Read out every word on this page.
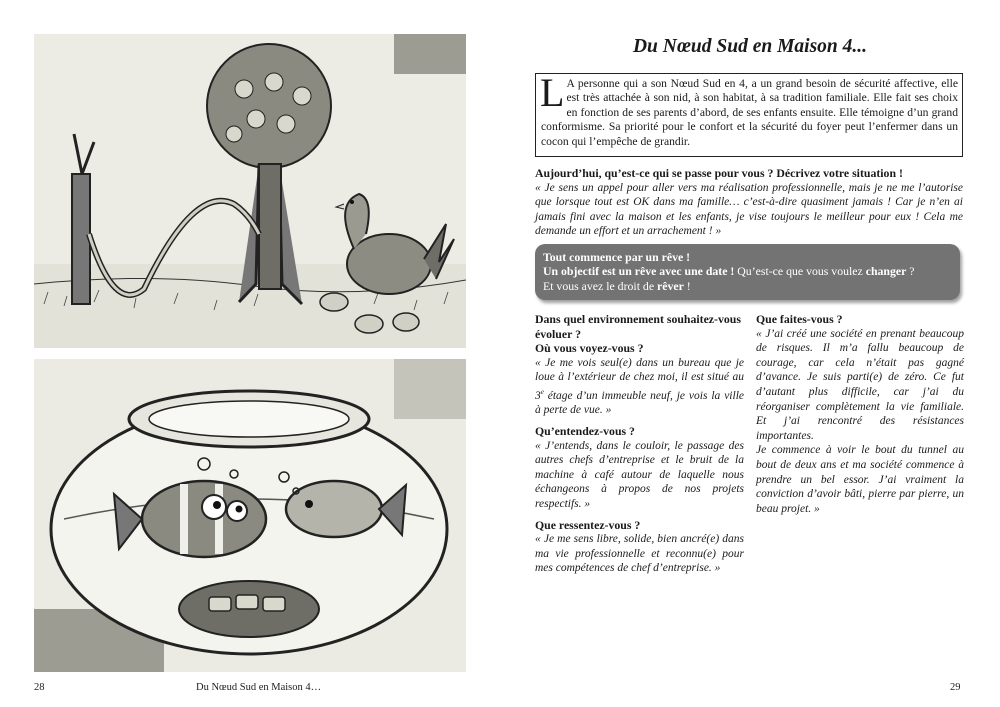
Du Nœud Sud en Maison 4...
L A personne qui a son Nœud Sud en 4, a un grand besoin de sécurité affective, elle est très attachée à son nid, à son habitat, à sa tradition familiale. Elle fait ses choix en fonction de ses parents d’abord, de ses enfants ensuite. Elle témoigne d’un grand conformisme. Sa priorité pour le confort et la sécurité du foyer peut l’enfermer dans un cocon qui l’empêche de grandir.
Aujourd’hui, qu’est-ce qui se passe pour vous ? Décrivez votre situation !
« Je sens un appel pour aller vers ma réalisation professionnelle, mais je ne me l’autorise que lorsque tout est OK dans ma famille… c’est-à-dire quasiment jamais ! Car je n’en ai jamais fini avec la maison et les enfants, je vise toujours le meilleur pour eux ! Cela me demande un effort et un arrachement ! »
Tout commence par un rêve !
Un objectif est un rêve avec une date ! Qu’est-ce que vous voulez changer ?
Et vous avez le droit de rêver !
Dans quel environnement souhaitez-vous évoluer ?
Où vous voyez-vous ?
« Je me vois seul(e) dans un bureau que je loue à l’extérieur de chez moi, il est situé au 3e étage d’un immeuble neuf, je vois la ville à perte de vue. »
Qu’entendez-vous ?
« J’entends, dans le couloir, le passage des autres chefs d’entreprise et le bruit de la machine à café autour de laquelle nous échangeons à propos de nos projets respectifs. »
Que ressentez-vous ?
« Je me sens libre, solide, bien ancré(e) dans ma vie professionnelle et reconnu(e) pour mes compétences de chef d’entreprise. »
Que faites-vous ?

« J’ai créé une société en prenant beaucoup de risques. Il m’a fallu beaucoup de courage, car cela n’était pas gagné d’avance. Je suis parti(e) de zéro. Ce fut d’autant plus difficile, car j’ai du réorganiser complètement la vie familiale. Et j’ai rencontré des résistances importantes.

Je commence à voir le bout du tunnel au bout de deux ans et ma société commence à prendre un bel essor. J’ai vraiment la conviction d’avoir bâti, pierre par pierre, un beau projet. »

28	Du Nœud Sud en Maison 4…	29
